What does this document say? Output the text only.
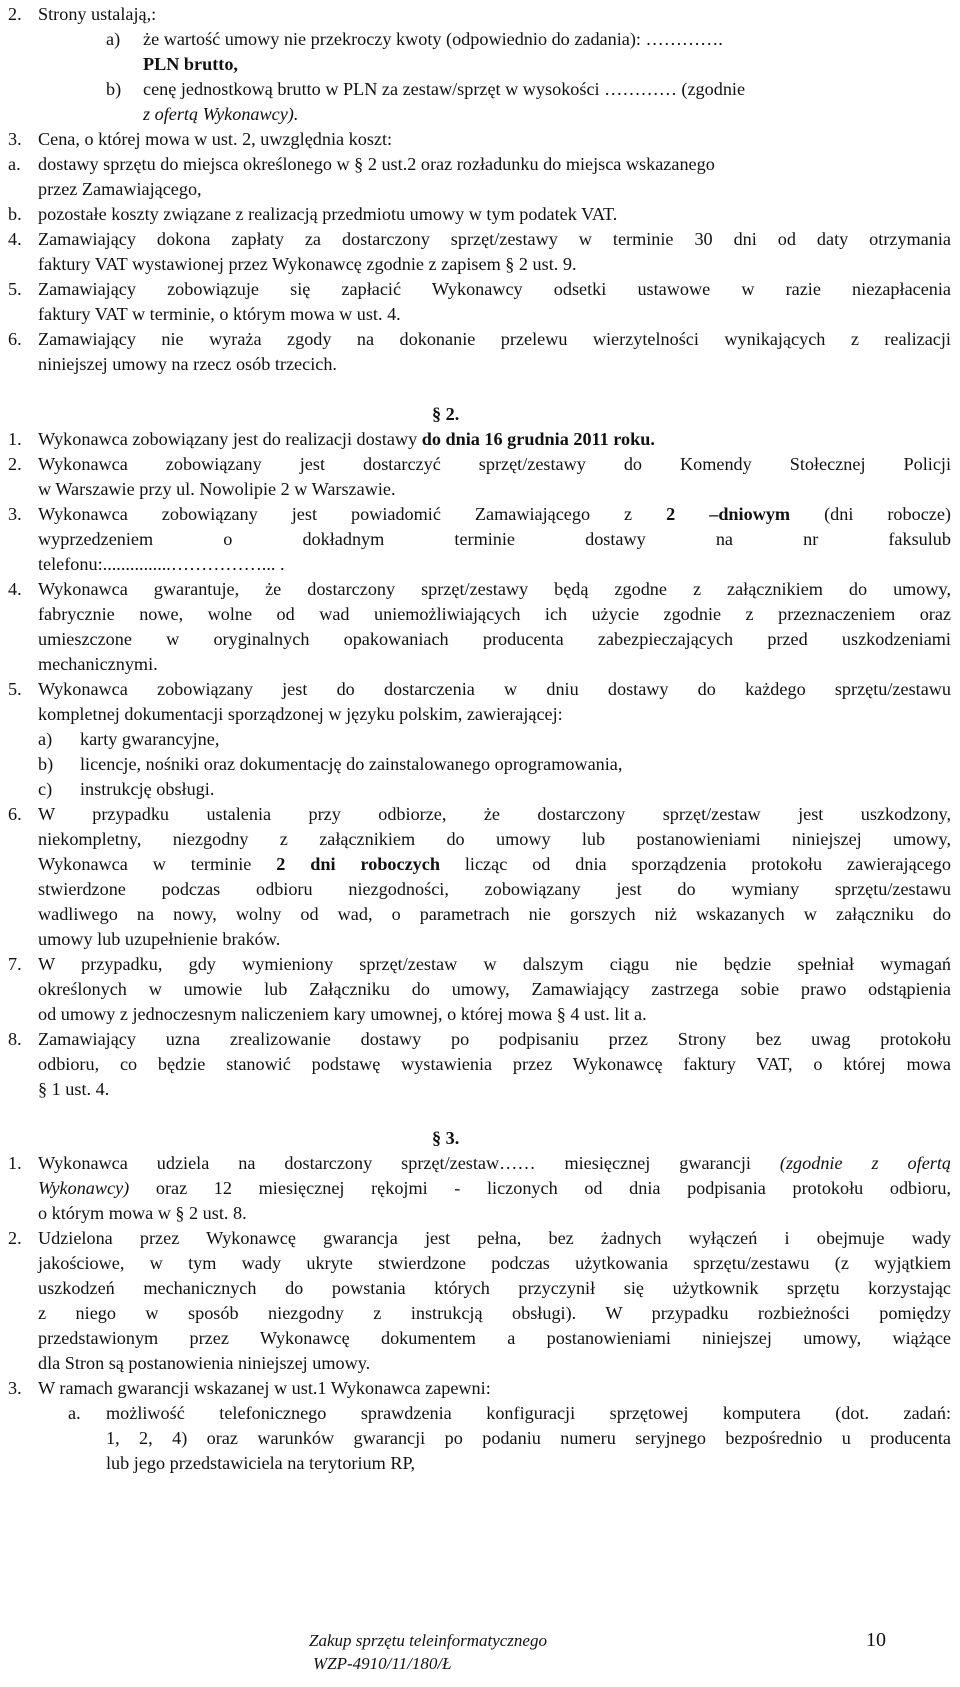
2. Strony ustalają,:
a) że wartość umowy nie przekroczy kwoty (odpowiednio do zadania): ………….
PLN brutto,
b) cenę jednostkową brutto w PLN za zestaw/sprzęt w wysokości ………… (zgodnie
z ofertą Wykonawcy).
3. Cena, o której mowa w ust. 2, uwzględnia koszt:
a. dostawy sprzętu do miejsca określonego w § 2 ust.2 oraz rozładunku do miejsca wskazanego
przez Zamawiającego,
b. pozostałe koszty związane z realizacją przedmiotu umowy w tym podatek VAT.
4. Zamawiający dokona zapłaty za dostarczony sprzęt/zestawy w terminie 30 dni od daty otrzymania
faktury VAT wystawionej przez Wykonawcę zgodnie z zapisem § 2 ust. 9.
5. Zamawiający zobowiązuje się zapłacić Wykonawcy odsetki ustawowe w razie niezapłacenia
faktury VAT w terminie, o którym mowa w ust. 4.
6. Zamawiający nie wyraża zgody na dokonanie przelewu wierzytelności wynikających z realizacji
niniejszej umowy na rzecz osób trzecich.
§ 2.
1. Wykonawca zobowiązany jest do realizacji dostawy do dnia 16 grudnia 2011 roku.
2. Wykonawca zobowiązany jest dostarczyć sprzęt/zestawy do Komendy Stołecznej Policji
w Warszawie przy ul. Nowolipie 2 w Warszawie.
3. Wykonawca zobowiązany jest powiadomić Zamawiającego z 2 –dniowym (dni robocze)
wyprzedzeniem o dokładnym terminie dostawy na nr faksulub
telefonu:...............……………... .
4. Wykonawca gwarantuje, że dostarczony sprzęt/zestawy będą zgodne z załącznikiem do umowy,
fabrycznie nowe, wolne od wad uniemożliwiających ich użycie zgodnie z przeznaczeniem oraz
umieszczone w oryginalnych opakowaniach producenta zabezpieczających przed uszkodzeniami
mechanicznymi.
5. Wykonawca zobowiązany jest do dostarczenia w dniu dostawy do każdego sprzętu/zestawu
kompletnej dokumentacji sporządzonej w języku polskim, zawierającej:
a) karty gwarancyjne,
b) licencje, nośniki oraz dokumentację do zainstalowanego oprogramowania,
c) instrukcję obsługi.
6. W przypadku ustalenia przy odbiorze, że dostarczony sprzęt/zestaw jest uszkodzony,
niekompletny, niezgodny z załącznikiem do umowy lub postanowieniami niniejszej umowy,
Wykonawca w terminie 2 dni roboczych licząc od dnia sporządzenia protokołu zawierającego
stwierdzone podczas odbioru niezgodności, zobowiązany jest do wymiany sprzętu/zestawu
wadliwego na nowy, wolny od wad, o parametrach nie gorszych niż wskazanych w załączniku do
umowy lub uzupełnienie braków.
7. W przypadku, gdy wymieniony sprzęt/zestaw w dalszym ciągu nie będzie spełniał wymagań
określonych w umowie lub Załączniku do umowy, Zamawiający zastrzega sobie prawo odstąpienia
od umowy z jednoczesnym naliczeniem kary umownej, o której mowa § 4 ust. lit a.
8. Zamawiający uzna zrealizowanie dostawy po podpisaniu przez Strony bez uwag protokołu
odbioru, co będzie stanowić podstawę wystawienia przez Wykonawcę faktury VAT, o której mowa
§ 1 ust. 4.
§ 3.
1. Wykonawca udziela na dostarczony sprzęt/zestaw…… miesięcznej gwarancji (zgodnie z ofertą
Wykonawcy) oraz 12 miesięcznej rękojmi - liczonych od dnia podpisania protokołu odbioru,
o którym mowa w § 2 ust. 8.
2. Udzielona przez Wykonawcę gwarancja jest pełna, bez żadnych wyłączeń i obejmuje wady
jakościowe, w tym wady ukryte stwierdzone podczas użytkowania sprzętu/zestawu (z wyjątkiem
uszkodzeń mechanicznych do powstania których przyczynił się użytkownik sprzętu korzystając
z niego w sposób niezgodny z instrukcją obsługi). W przypadku rozbieżności pomiędzy
przedstawionym przez Wykonawcę dokumentem a postanowieniami niniejszej umowy, wiążące
dla Stron są postanowienia niniejszej umowy.
3. W ramach gwarancji wskazanej w ust.1 Wykonawca zapewni:
a. możliwość telefonicznego sprawdzenia konfiguracji sprzętowej komputera (dot. zadań:
1, 2, 4) oraz warunków gwarancji po podaniu numeru seryjnego bezpośrednio u producenta
lub jego przedstawiciela na terytorium RP,
Zakup sprzętu teleinformatycznego
WZP-4910/11/180/Ł
10
